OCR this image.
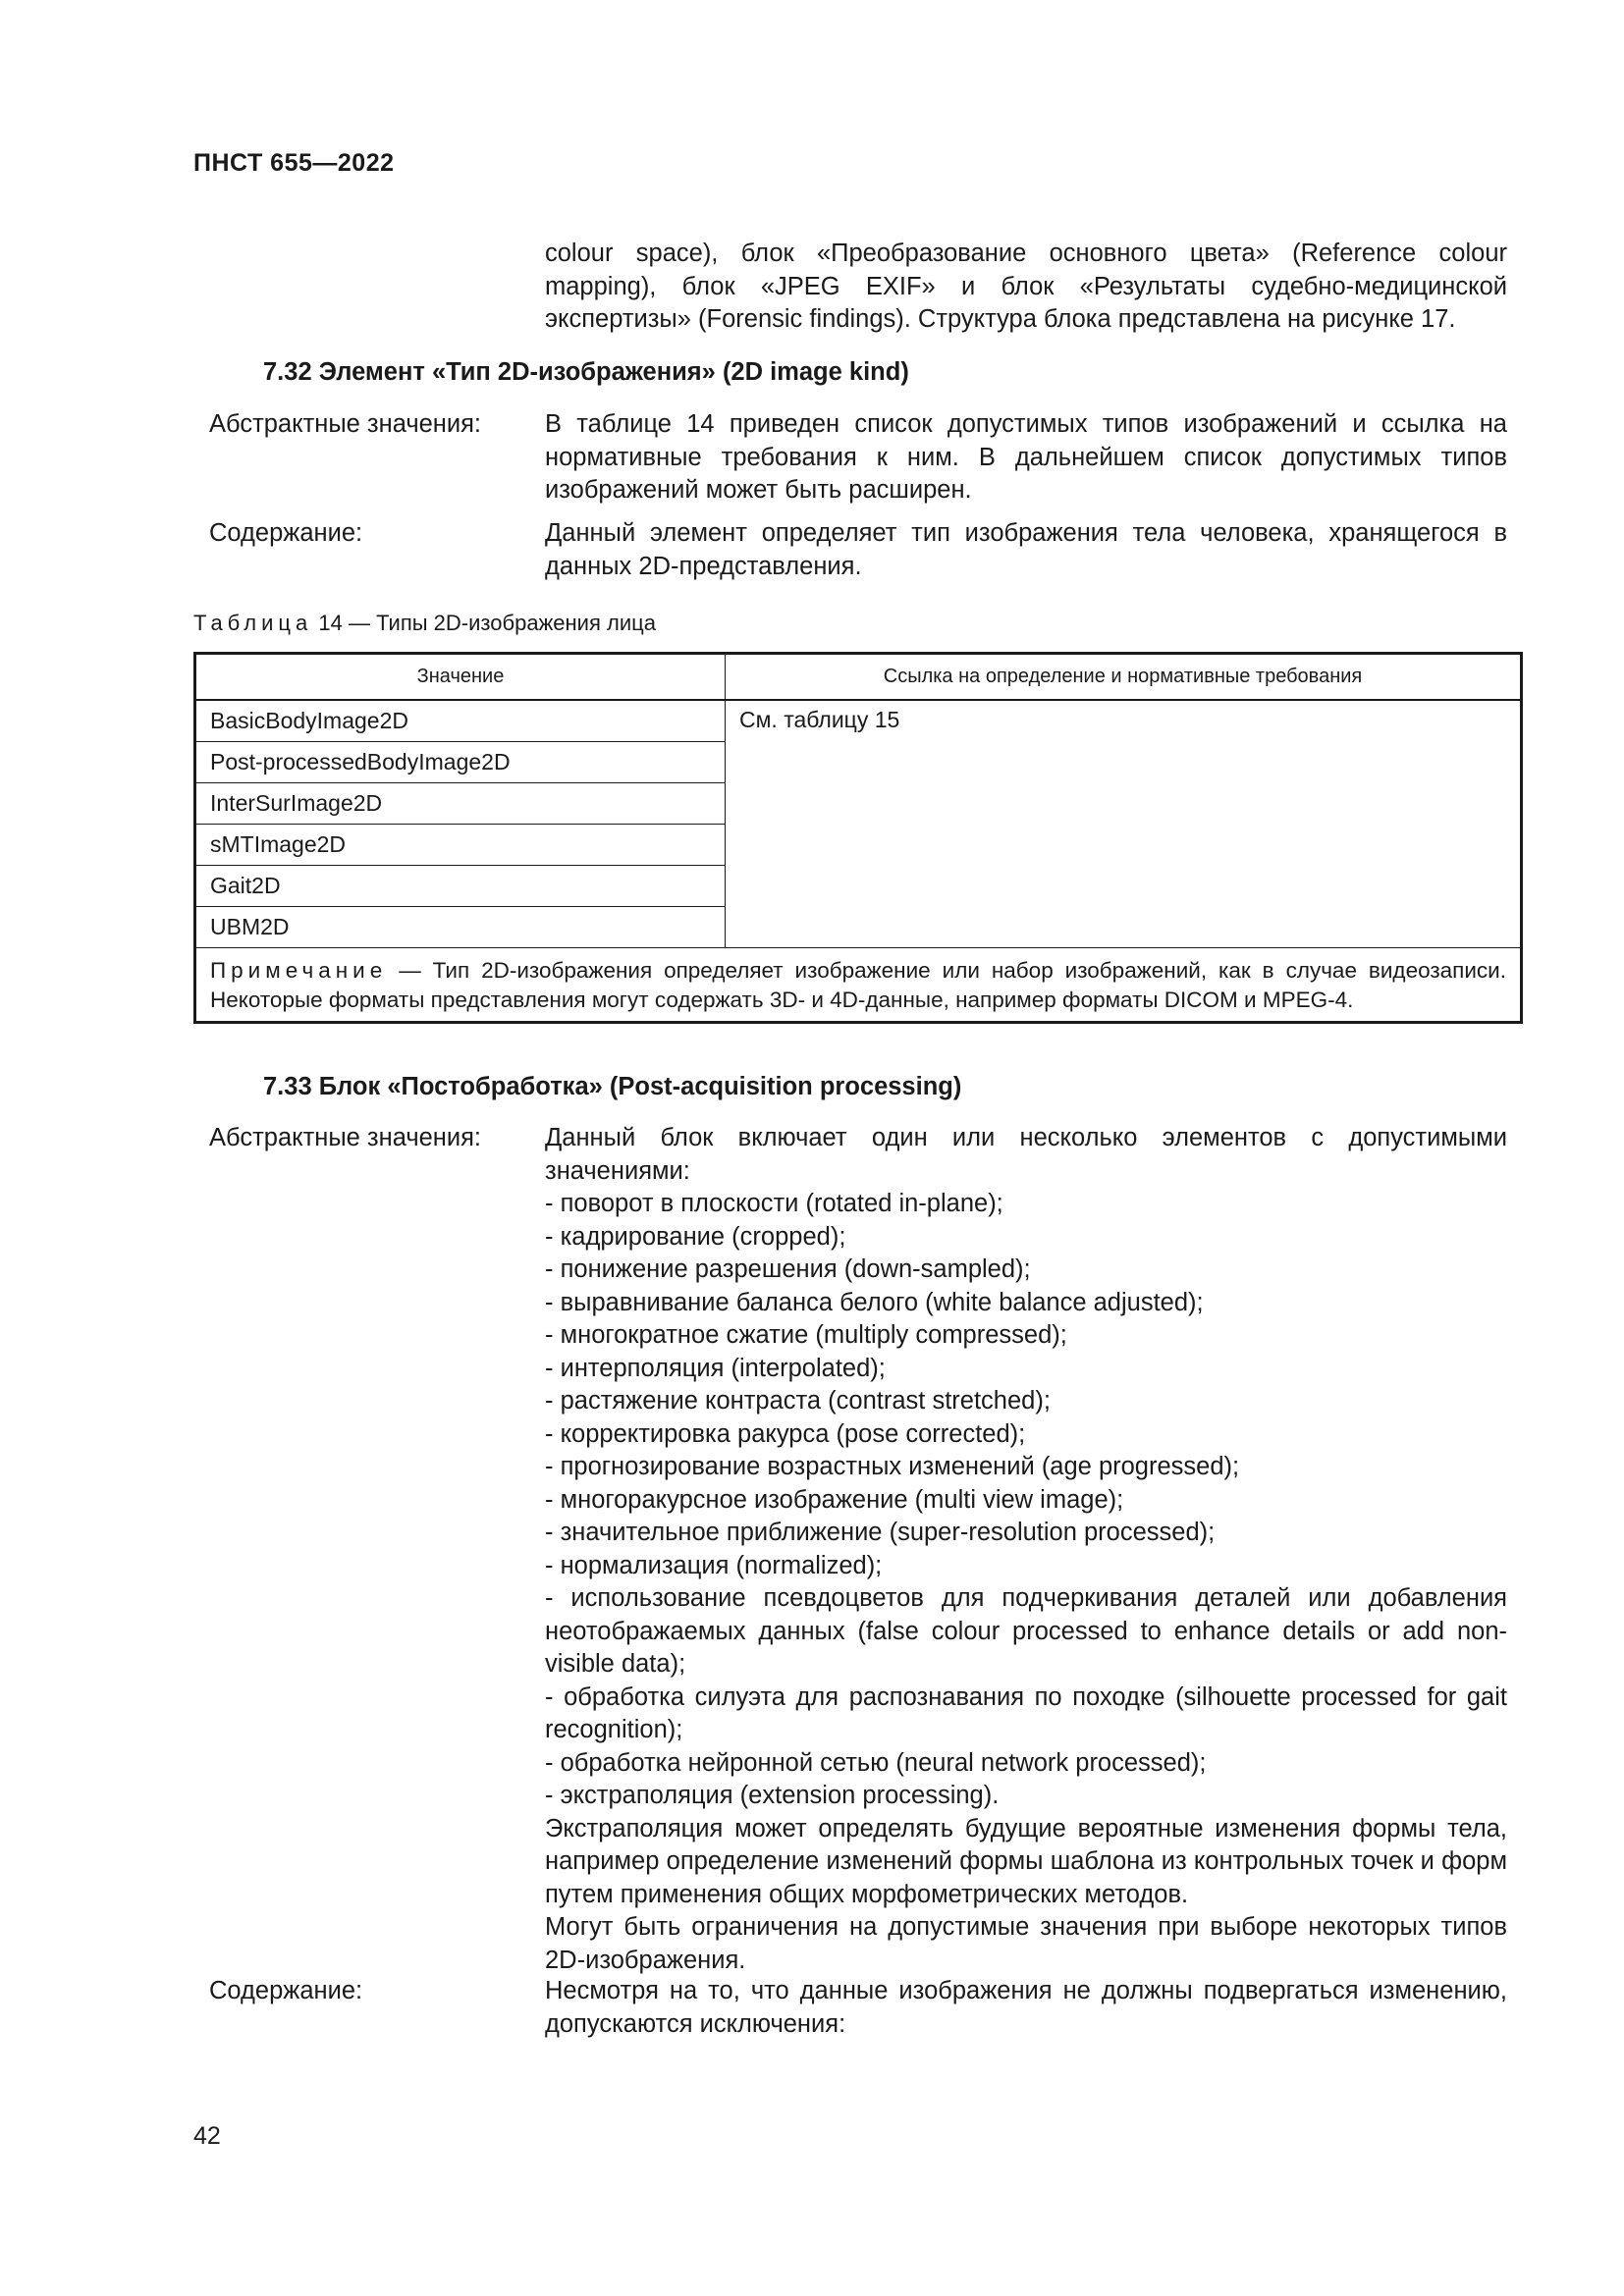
ПНСТ 655—2022
colour space), блок «Преобразование основного цвета» (Reference colour mapping), блок «JPEG EXIF» и блок «Результаты судебно-медицинской экспертизы» (Forensic findings). Структура блока представлена на рисунке 17.
7.32 Элемент «Тип 2D-изображения» (2D image kind)
Абстрактные значения:	В таблице 14 приведен список допустимых типов изображений и ссылка на нормативные требования к ним. В дальнейшем список допустимых типов изображений может быть расширен.
Содержание:	Данный элемент определяет тип изображения тела человека, хранящегося в данных 2D-представления.
Таблица 14 — Типы 2D-изображения лица
Значение	Ссылка на определение и нормативные требования
BasicBodyImage2D	См. таблицу 15
Post-processedBodyImage2D	
InterSurImage2D	
sMTImage2D	
Gait2D	
UBM2D	
Примечание — Тип 2D-изображения определяет изображение или набор изображений, как в случае видеозаписи. Некоторые форматы представления могут содержать 3D- и 4D-данные, например форматы DICOM и MPEG-4.	
7.33 Блок «Постобработка» (Post-acquisition processing)
Абстрактные значения:	Данный блок включает один или несколько элементов с допустимыми значениями:
- поворот в плоскости (rotated in-plane);
- кадрирование (cropped);
- понижение разрешения (down-sampled);
- выравнивание баланса белого (white balance adjusted);
- многократное сжатие (multiply compressed);
- интерполяция (interpolated);
- растяжение контраста (contrast stretched);
- корректировка ракурса (pose corrected);
- прогнозирование возрастных изменений (age progressed);
- многоракурсное изображение (multi view image);
- значительное приближение (super-resolution processed);
- нормализация (normalized);
- использование псевдоцветов для подчеркивания деталей или добавления неотображаемых данных (false colour processed to enhance details or add non-visible data);
- обработка силуэта для распознавания по походке (silhouette processed for gait recognition);
- обработка нейронной сетью (neural network processed);
- экстраполяция (extension processing).
Экстраполяция может определять будущие вероятные изменения формы тела, например определение изменений формы шаблона из контрольных точек и форм путем применения общих морфометрических методов.
Могут быть ограничения на допустимые значения при выборе некоторых типов 2D-изображения.
Содержание:	Несмотря на то, что данные изображения не должны подвергаться изменению, допускаются исключения:
42
